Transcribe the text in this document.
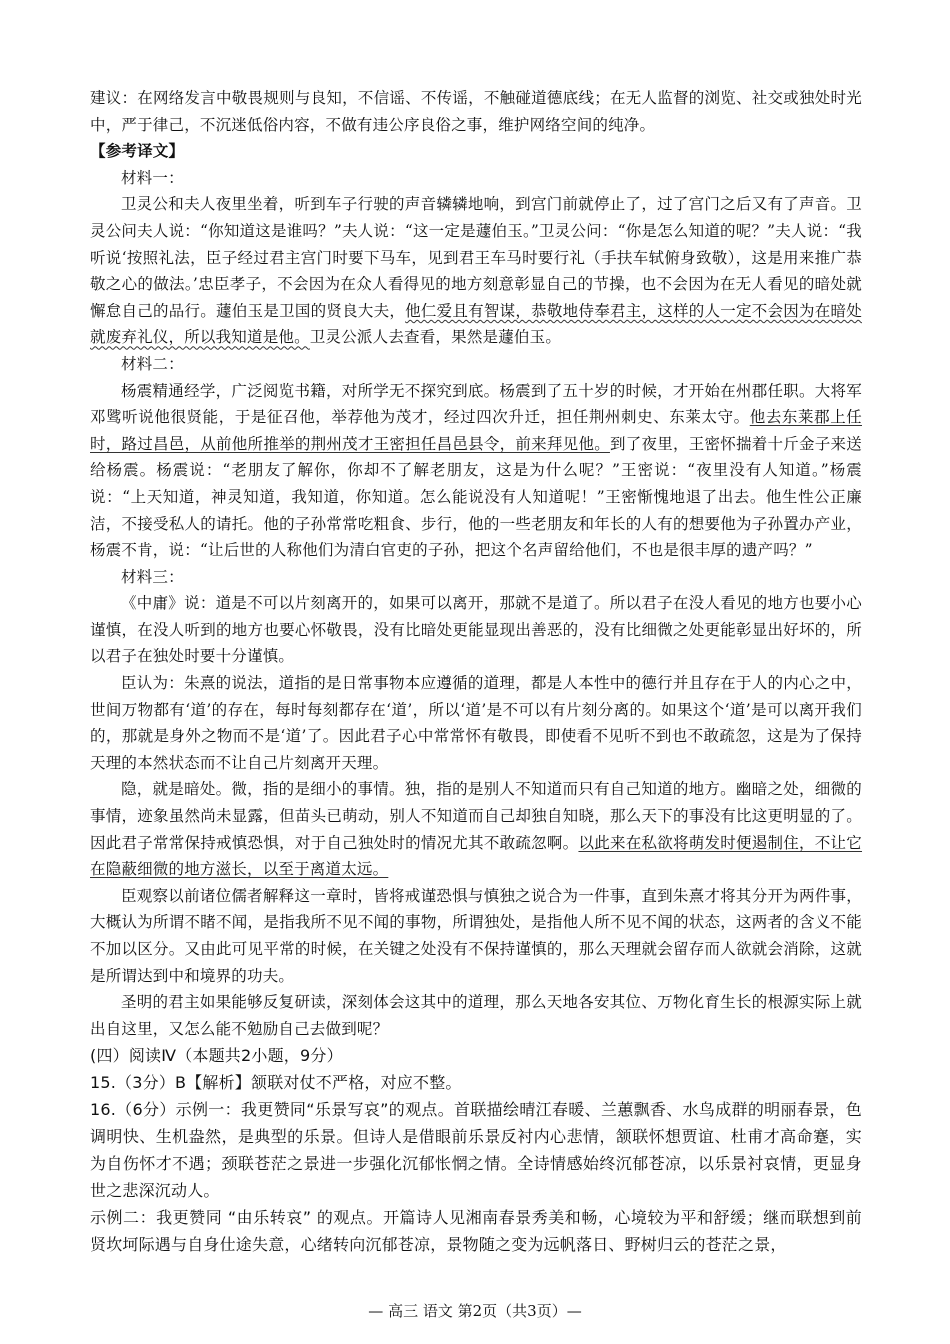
建议：在网络发言中敬畏规则与良知，不信谣、不传谣，不触碰道德底线；在无人监督的浏览、社交或独处时光中，严于律己，不沉迷低俗内容，不做有违公序良俗之事，维护网络空间的纯净。

【参考译文】

材料一：

卫灵公和夫人夜里坐着，听到车子行驶的声音辚辚地响，到宫门前就停止了，过了宫门之后又有了声音。卫灵公问夫人说：“你知道这是谁吗？”夫人说：“这一定是蘧伯玉。”卫灵公问：“你是怎么知道的呢？”夫人说：“我听说‘按照礼法，臣子经过君主宫门时要下马车，见到君王车马时要行礼（手扶车轼俯身致敬），这是用来推广恭敬之心的做法。’忠臣孝子，不会因为在众人看得见的地方刻意彰显自己的节操，也不会因为在无人看见的暗处就懈怠自己的品行。蘧伯玉是卫国的贤良大夫，他仁爱且有智谋，恭敬地侍奉君主，这样的人一定不会因为在暗处就废弃礼仪，所以我知道是他。卫灵公派人去查看，果然是蘧伯玉。

材料二：

杨震精通经学，广泛阅览书籍，对所学无不探究到底。杨震到了五十岁的时候，才开始在州郡任职。大将军邓骘听说他很贤能，于是征召他，举荐他为茂才，经过四次升迁，担任荆州刺史、东莱太守。他去东莱郡上任时，路过昌邑，从前他所推举的荆州茂才王密担任昌邑县令，前来拜见他。到了夜里，王密怀揣着十斤金子来送给杨震。杨震说：“老朋友了解你，你却不了解老朋友，这是为什么呢？”王密说：“夜里没有人知道。”杨震说：“上天知道，神灵知道，我知道，你知道。怎么能说没有人知道呢！”王密惭愧地退了出去。他生性公正廉洁，不接受私人的请托。他的子孙常常吃粗食、步行，他的一些老朋友和年长的人有的想要他为子孙置办产业，杨震不肯，说：“让后世的人称他们为清白官吏的子孙，把这个名声留给他们，不也是很丰厚的遗产吗？”

材料三：

《中庸》说：道是不可以片刻离开的，如果可以离开，那就不是道了。所以君子在没人看见的地方也要小心谨慎，在没人听到的地方也要心怀敬畏，没有比暗处更能显现出善恶的，没有比细微之处更能彰显出好坏的，所以君子在独处时要十分谨慎。

臣认为：朱熹的说法，道指的是日常事物本应遵循的道理，都是人本性中的德行并且存在于人的内心之中，世间万物都有‘道’的存在，每时每刻都存在‘道’，所以‘道’是不可以有片刻分离的。如果这个‘道’是可以离开我们的，那就是身外之物而不是‘道’了。因此君子心中常常怀有敬畏，即使看不见听不到也不敢疏忽，这是为了保持天理的本然状态而不让自己片刻离开天理。

隐，就是暗处。微，指的是细小的事情。独，指的是别人不知道而只有自己知道的地方。幽暗之处，细微的事情，迹象虽然尚未显露，但苗头已萌动，别人不知道而自己却独自知晓，那么天下的事没有比这更明显的了。因此君子常常保持戒慎恐惧，对于自己独处时的情况尤其不敢疏忽啊。以此来在私欲将萌发时便遏制住，不让它在隐蔽细微的地方滋长，以至于离道太远。

臣观察以前诸位儒者解释这一章时，皆将戒谨恐惧与慎独之说合为一件事，直到朱熹才将其分开为两件事，大概认为所谓不睹不闻，是指我所不见不闻的事物，所谓独处，是指他人所不见不闻的状态，这两者的含义不能不加以区分。又由此可见平常的时候，在关键之处没有不保持谨慎的，那么天理就会留存而人欲就会消除，这就是所谓达到中和境界的功夫。

圣明的君主如果能够反复研读，深刻体会这其中的道理，那么天地各安其位、万物化育生长的根源实际上就出自这里，又怎么能不勉励自己去做到呢？

(四）阅读Ⅳ（本题共2小题，9分）

15.（3分）B【解析】颔联对仗不严格，对应不整。

16.（6分）示例一：我更赞同“乐景写哀”的观点。首联描绘晴江春暖、兰蕙飘香、水鸟成群的明丽春景，色调明快、生机盎然，是典型的乐景。但诗人是借眼前乐景反衬内心悲情，颔联怀想贾谊、杜甫才高命蹇，实为自伤怀才不遇；颈联苍茫之景进一步强化沉郁怅惘之情。全诗情感始终沉郁苍凉，以乐景衬哀情，更显身世之悲深沉动人。

示例二：我更赞同 “由乐转哀” 的观点。开篇诗人见湘南春景秀美和畅，心境较为平和舒缓；继而联想到前贤坎坷际遇与自身仕途失意，心绪转向沉郁苍凉，景物随之变为远帆落日、野树归云的苍茫之景，

— 高三 语文 第2页（共3页）—
